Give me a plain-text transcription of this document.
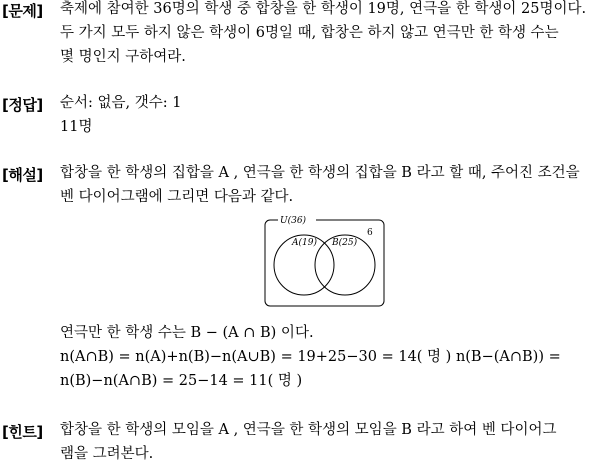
[문제] 축제에 참여한 36명의 학생 중 합창을 한 학생이 19명, 연극을 한 학생이 25명이다.
두 가지 모두 하지 않은 학생이 6명일 때, 합창은 하지 않고 연극만 한 학생 수는
몇 명인지 구하여라.
[정답] 순서: 없음, 갯수: 1
11명
[해설] 합창을 한 학생의 집합을 A , 연극을 한 학생의 집합을 B 라고 할 때, 주어진 조건을
벤 다이어그램에 그리면 다음과 같다.
U(36)
A(19) B(25)
6
연극만 한 학생 수는 B − (A ∩ B) 이다.
n(A∩B) = n(A)+n(B)−n(A∪B) = 19+25−30 = 14( 명 ) n(B−(A∩B)) =
n(B)−n(A∩B) = 25−14 = 11( 명 )
[힌트] 합창을 한 학생의 모임을 A , 연극을 한 학생의 모임을 B 라고 하여 벤 다이어그
램을 그려본다.
